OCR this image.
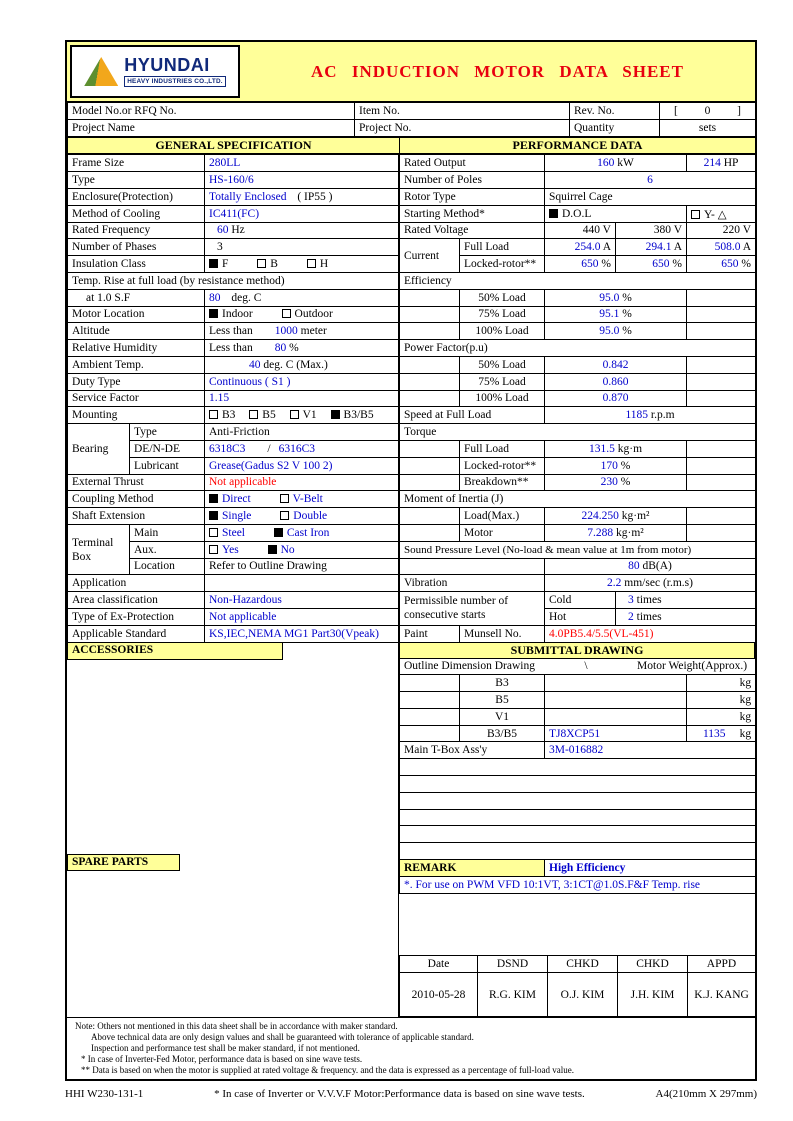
HYUNDAI
HEAVY INDUSTRIES CO.,LTD.
AC INDUCTION MOTOR DATA SHEET
Model No.or RFQ No.	Item No.	Rev. No.	[ 0 ]

Project Name	Project No.	Quantity	sets
GENERAL SPECIFICATION	PERFORMANCE DATA
Frame Size		280LL
Type		HS-160/6
Enclosure(Protection)		Totally Enclosed ( IP55 )
Method of Cooling		IC411(FC)
Rated Frequency		60 Hz
Number of Phases		3
Insulation Class		F B H
Temp. Rise at full load (by resistance method)		
at 1.0 S.F		80 deg. C
Motor Location		Indoor Outdoor
Altitude		Less than 1000 meter
Relative Humidity		Less than 80 %
Ambient Temp.		40 deg. C (Max.)
Duty Type		Continuous ( S1 )
Service Factor		1.15
Mounting		B3 B5 V1 B3/B5
Bearing	Type	Anti-Friction
	DE/N-DE	6318C3 / 6316C3
	Lubricant	Grease(Gadus S2 V 100 2)
External Thrust		Not applicable
Coupling Method		Direct V-Belt
Shaft Extension		Single Double
Terminal Box	Main	Steel Cast Iron
	Aux.	Yes No
	Location	Refer to Outline Drawing
Application		
Area classification		Non-Hazardous
Type of Ex-Protection		Not applicable
Applicable Standard		KS,IEC,NEMA MG1 Part30(Vpeak)
ACCESSORIES
SPARE PARTS
Rated Output		160 kW		214 HP
Number of Poles		6		
Rotor Type		Squirrel Cage		
Starting Method*		D.O.L		Y- △
Rated Voltage		440 V	380 V	220 V
Current	Full Load	254.0 A	294.1 A	508.0 A
	Locked-rotor**	650 %	650 %	650 %
Efficiency				
	50% Load	95.0 %		
	75% Load	95.1 %		
	100% Load	95.0 %		
Power Factor(p.u)				
	50% Load	0.842		
	75% Load	0.860		
	100% Load	0.870		
Speed at Full Load		1185 r.p.m		
Torque				
	Full Load	131.5 kg·m		
	Locked-rotor**	170 %		
	Breakdown**	230 %		
Moment of Inertia (J)				
	Load(Max.)	224.250 kg·m²		
	Motor	7.288 kg·m²		
Sound Pressure Level (No-load & mean value at 1m from motor)				
		80 dB(A)		
Vibration		2.2 mm/sec (r.m.s)		
Permissible number of consecutive starts		Cold	3 times	
		Hot	2 times	
Paint	Munsell No.	4.0PB5.4/5.5(VL-451)		
SUBMITTAL DRAWING
Outline Dimension Drawing \ Motor Weight(Approx.)			

	B3		kg
	B5		kg
	V1		kg
	B3/B5	TJ8XCP51	1135 kg
Main T-Box Ass'y		3M-016882	

REMARK		High Efficiency	
*. For use on PWM VFD 10:1VT, 3:1CT@1.0S.F&F Temp. rise			
Date	DSND	CHKD	CHKD	APPD
2010-05-28	R.G. KIM	O.J. KIM	J.H. KIM	K.J. KANG
Note: Others not mentioned in this data sheet shall be in accordance with maker standard.
Above technical data are only design values and shall be guaranteed with tolerance of applicable standard.
Inspection and performance test shall be maker standard, if not mentioned.
* In case of Inverter-Fed Motor, performance data is based on sine wave tests.
** Data is based on when the motor is supplied at rated voltage & frequency. and the data is expressed as a percentage of full-load value.
HHI W230-131-1	* In case of Inverter or V.V.V.F Motor:Performance data is based on sine wave tests.	A4(210mm X 297mm)
